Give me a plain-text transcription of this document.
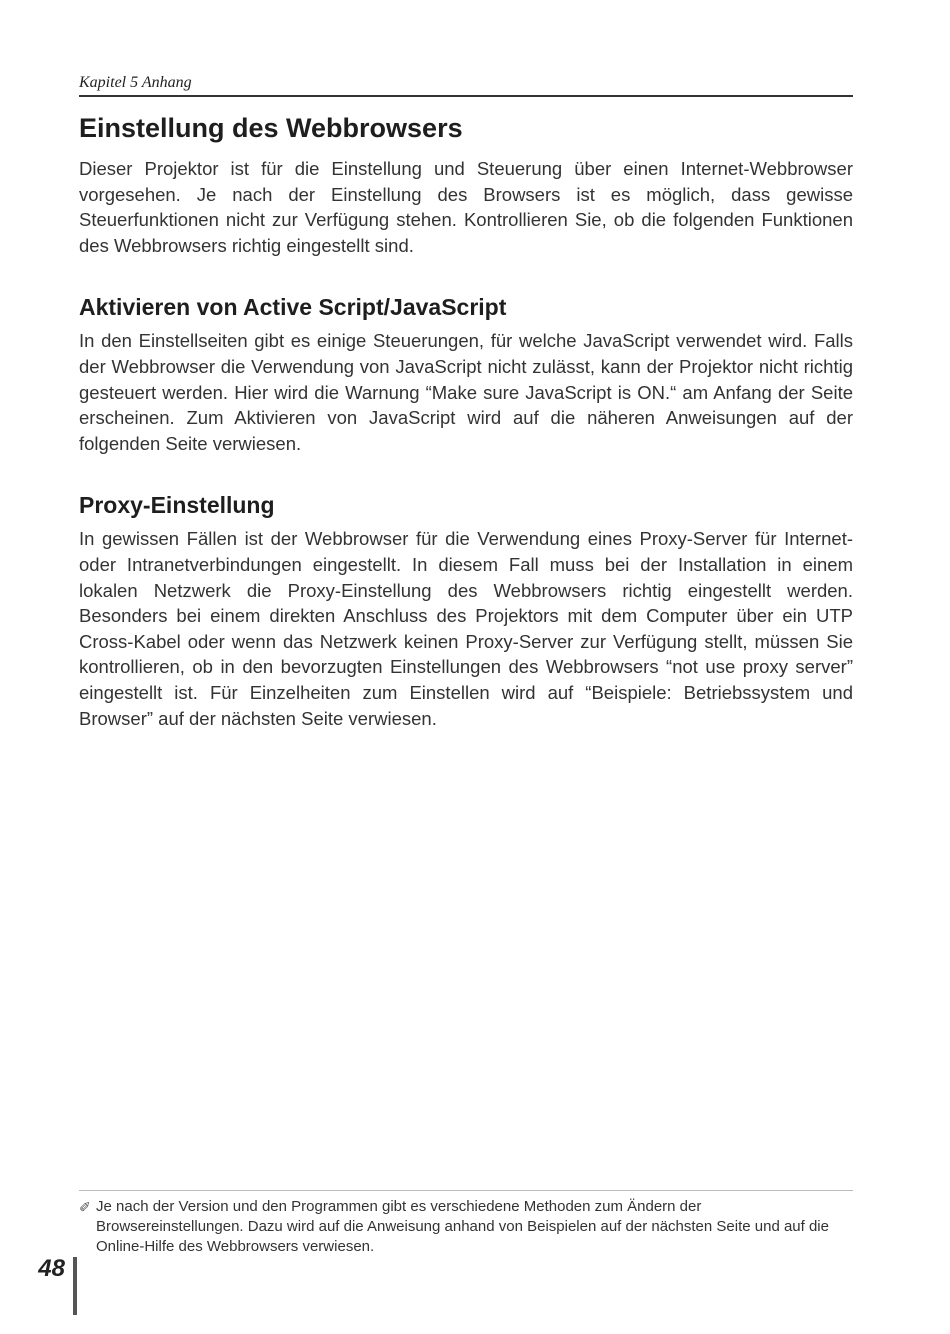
Kapitel 5 Anhang
Einstellung des Webbrowsers

Dieser Projektor ist für die Einstellung und Steuerung über einen Internet-Webbrowser vorgesehen. Je nach der Einstellung des Browsers ist es möglich, dass gewisse Steuerfunktionen nicht zur Verfügung stehen. Kontrollieren Sie, ob die folgenden Funktionen des Webbrowsers richtig eingestellt sind.

Aktivieren von Active Script/JavaScript

In den Einstellseiten gibt es einige Steuerungen, für welche JavaScript verwendet wird. Falls der Webbrowser die Verwendung von JavaScript nicht zulässt, kann der Projektor nicht richtig gesteuert werden. Hier wird die Warnung “Make sure JavaScript is ON.“ am Anfang der Seite erscheinen. Zum Aktivieren von JavaScript wird auf die näheren Anweisungen auf der folgenden Seite verwiesen.

Proxy-Einstellung

In gewissen Fällen ist der Webbrowser für die Verwendung eines Proxy-Server für Internet- oder Intranetverbindungen eingestellt. In diesem Fall muss bei der Installation in einem lokalen Netzwerk die Proxy-Einstellung des Webbrowsers richtig eingestellt werden. Besonders bei einem direkten Anschluss des Projektors mit dem Computer über ein UTP Cross-Kabel oder wenn das Netzwerk keinen Proxy-Server zur Verfügung stellt, müssen Sie kontrollieren, ob in den bevorzugten Einstellungen des Webbrowsers “not use proxy server” eingestellt ist. Für Einzelheiten zum Einstellen wird auf “Beispiele: Betriebssystem und Browser” auf der nächsten Seite verwiesen.

✐ Je nach der Version und den Programmen gibt es verschiedene Methoden zum Ändern der Browsereinstellungen. Dazu wird auf die Anweisung anhand von Beispielen auf der nächsten Seite und auf die Online-Hilfe des Webbrowsers verwiesen.
48
